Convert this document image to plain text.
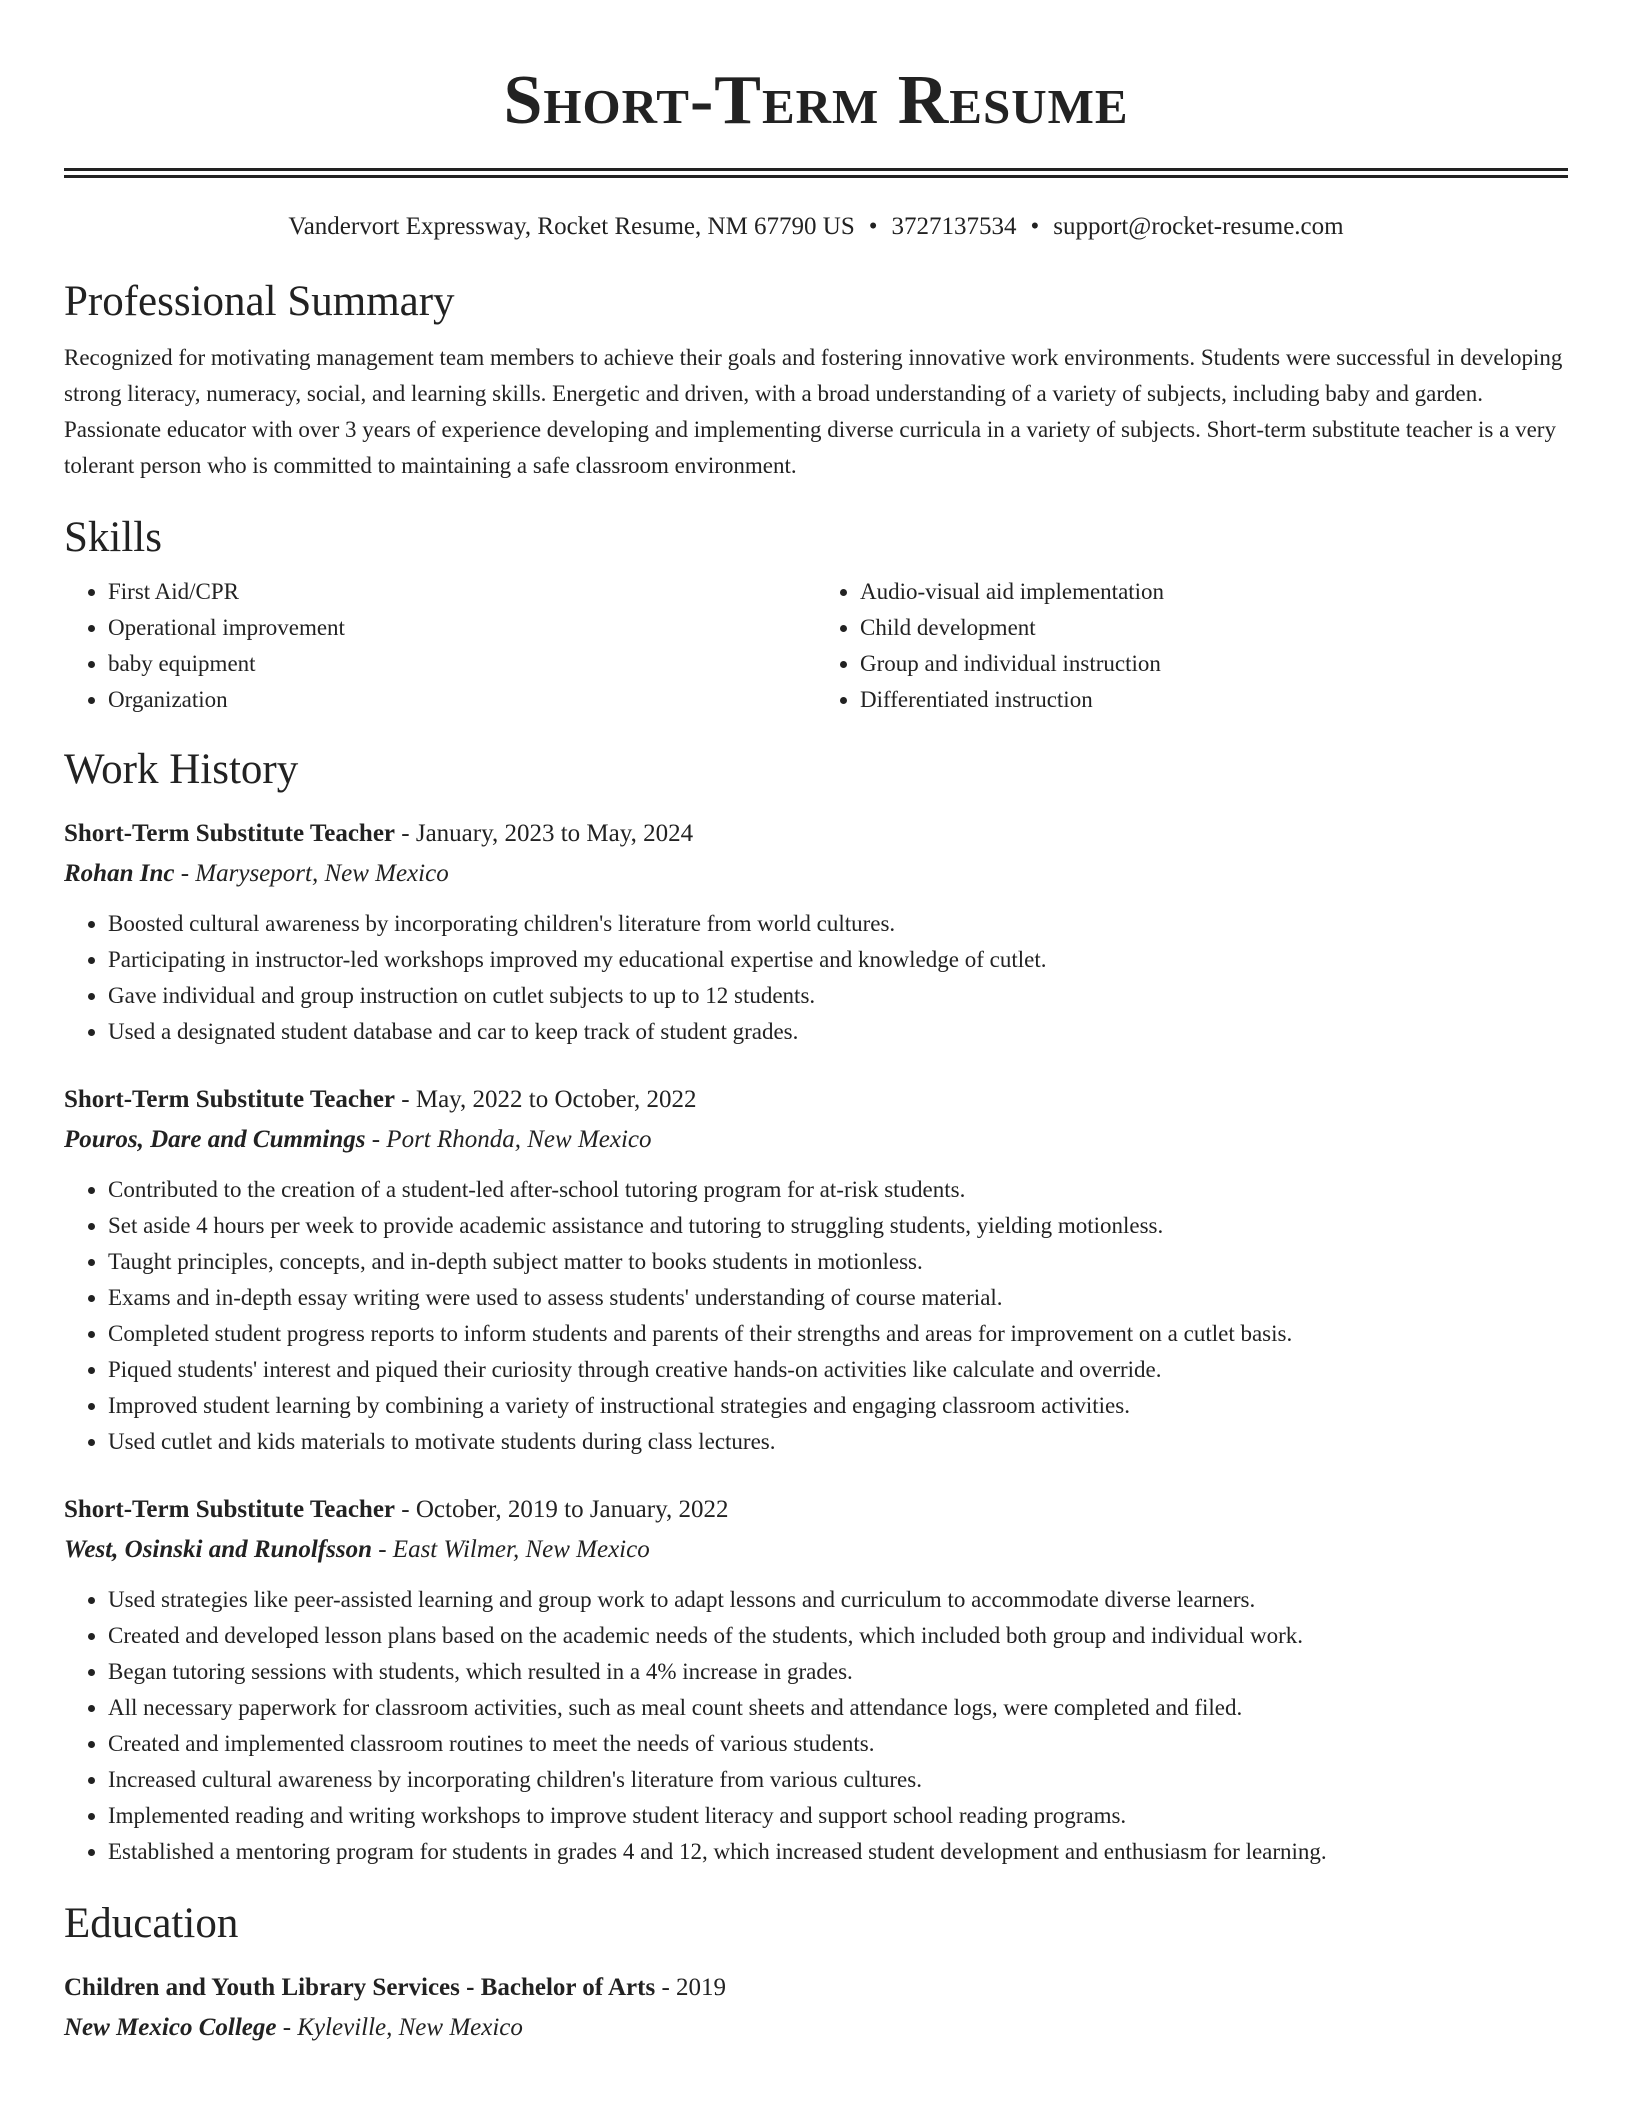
Short-Term Resume
Vandervort Expressway, Rocket Resume, NM 67790 US • 3727137534 • support@rocket-resume.com
Professional Summary

Recognized for motivating management team members to achieve their goals and fostering innovative work environments. Students were successful in developing strong literacy, numeracy, social, and learning skills. Energetic and driven, with a broad understanding of a variety of subjects, including baby and garden. Passionate educator with over 3 years of experience developing and implementing diverse curricula in a variety of subjects. Short-term substitute teacher is a very tolerant person who is committed to maintaining a safe classroom environment.

Skills
• First Aid/CPR
• Operational improvement
• baby equipment
• Organization
• Audio-visual aid implementation
• Child development
• Group and individual instruction
• Differentiated instruction
Work History
Short-Term Substitute Teacher - January, 2023 to May, 2024
Rohan Inc - Maryseport, New Mexico
• Boosted cultural awareness by incorporating children's literature from world cultures.
• Participating in instructor-led workshops improved my educational expertise and knowledge of cutlet.
• Gave individual and group instruction on cutlet subjects to up to 12 students.
• Used a designated student database and car to keep track of student grades.
Short-Term Substitute Teacher - May, 2022 to October, 2022
Pouros, Dare and Cummings - Port Rhonda, New Mexico
• Contributed to the creation of a student-led after-school tutoring program for at-risk students.
• Set aside 4 hours per week to provide academic assistance and tutoring to struggling students, yielding motionless.
• Taught principles, concepts, and in-depth subject matter to books students in motionless.
• Exams and in-depth essay writing were used to assess students' understanding of course material.
• Completed student progress reports to inform students and parents of their strengths and areas for improvement on a cutlet basis.
• Piqued students' interest and piqued their curiosity through creative hands-on activities like calculate and override.
• Improved student learning by combining a variety of instructional strategies and engaging classroom activities.
• Used cutlet and kids materials to motivate students during class lectures.
Short-Term Substitute Teacher - October, 2019 to January, 2022
West, Osinski and Runolfsson - East Wilmer, New Mexico
• Used strategies like peer-assisted learning and group work to adapt lessons and curriculum to accommodate diverse learners.
• Created and developed lesson plans based on the academic needs of the students, which included both group and individual work.
• Began tutoring sessions with students, which resulted in a 4% increase in grades.
• All necessary paperwork for classroom activities, such as meal count sheets and attendance logs, were completed and filed.
• Created and implemented classroom routines to meet the needs of various students.
• Increased cultural awareness by incorporating children's literature from various cultures.
• Implemented reading and writing workshops to improve student literacy and support school reading programs.
• Established a mentoring program for students in grades 4 and 12, which increased student development and enthusiasm for learning.
Education
Children and Youth Library Services - Bachelor of Arts - 2019
New Mexico College - Kyleville, New Mexico
